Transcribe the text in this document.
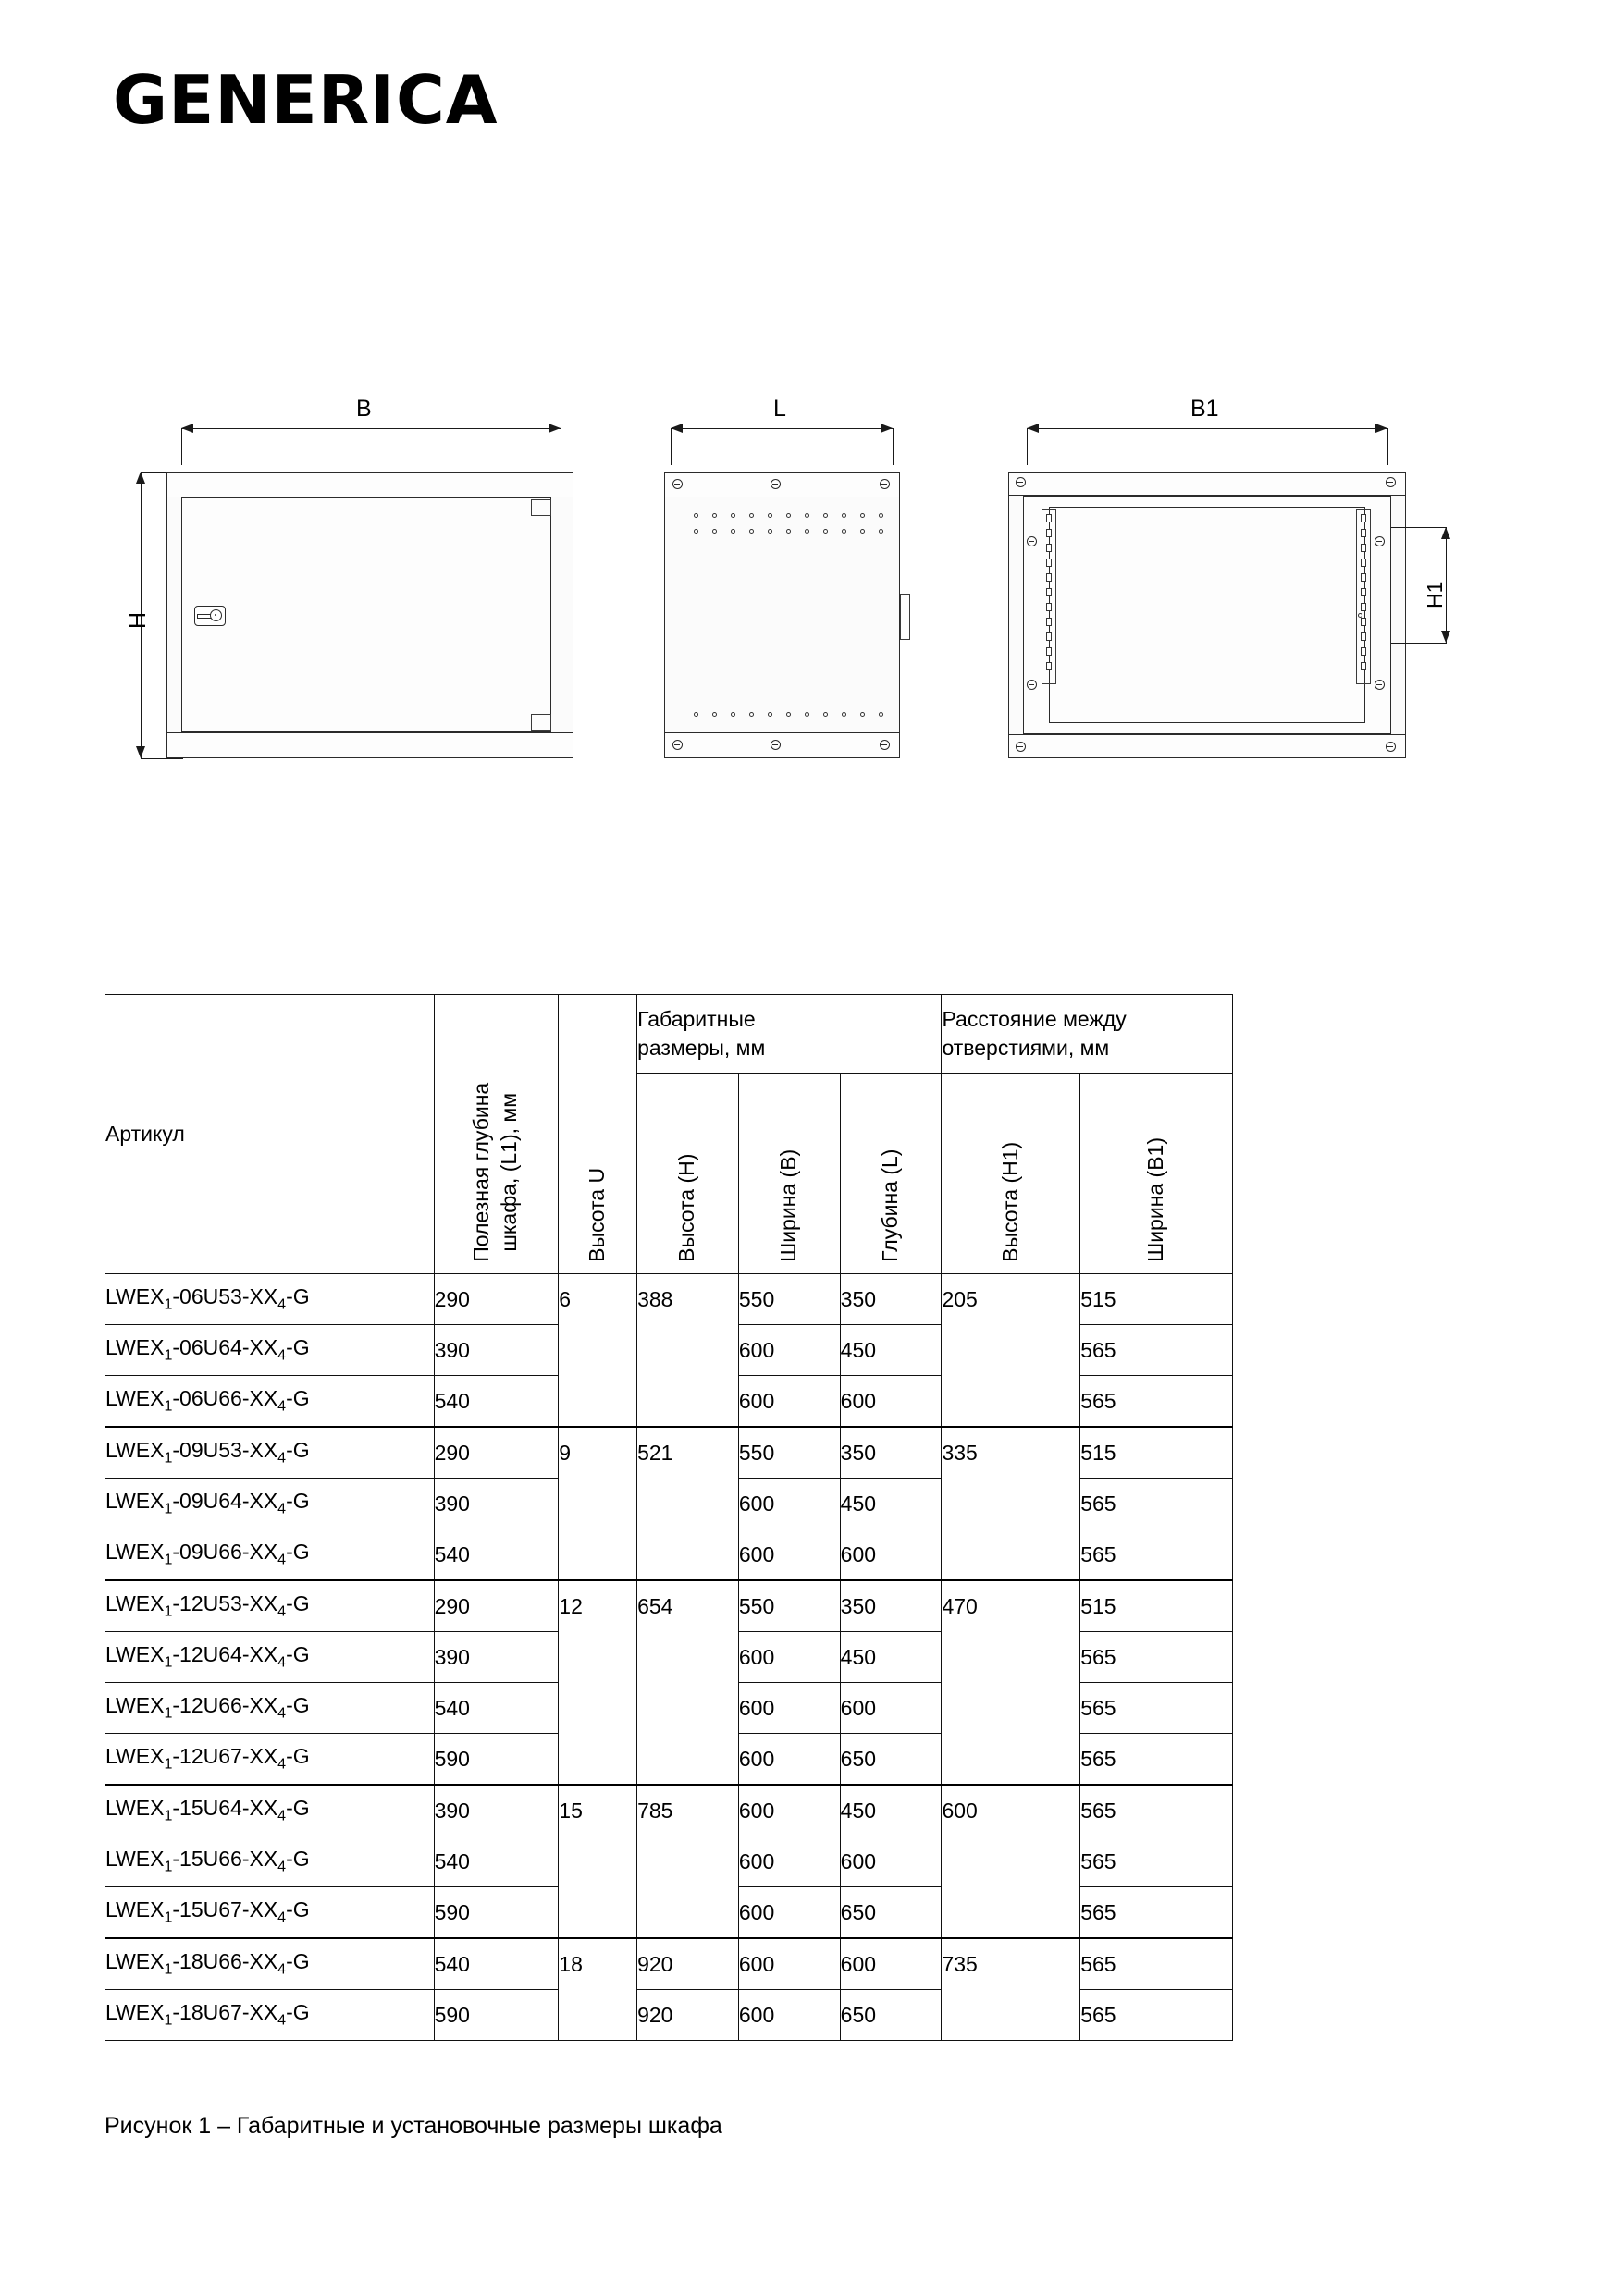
GENERICA
B
H
L	B1
H1
Артикул	Полезная глубина шкафа, (L1), мм	Высота U	Габаритные
размеры, мм			Расстояние между
отверстиями, мм	

			Высота (H)	Ширина (B)	Глубина (L)	Высота (H1)	Ширина (B1)

$LWEX_1-06U53-XX_4-G$	290	6	388	550	350	205	515
$LWEX_1-06U64-XX_4-G$	390			600	450		565
$LWEX_1-06U66-XX_4-G$	540			600	600		565
$LWEX_1-09U53-XX_4-G$	290	9	521	550	350	335	515
$LWEX_1-09U64-XX_4-G$	390			600	450		565
$LWEX_1-09U66-XX_4-G$	540			600	600		565
$LWEX_1-12U53-XX_4-G$	290	12	654	550	350	470	515
$LWEX_1-12U64-XX_4-G$	390			600	450		565
$LWEX_1-12U66-XX_4-G$	540			600	600		565
$LWEX_1-12U67-XX_4-G$	590			600	650		565
$LWEX_1-15U64-XX_4-G$	390	15	785	600	450	600	565
$LWEX_1-15U66-XX_4-G$	540			600	600		565
$LWEX_1-15U67-XX_4-G$	590			600	650		565
$LWEX_1-18U66-XX_4-G$	540	18	920	600	600	735	565
$LWEX_1-18U67-XX_4-G$	590		920	600	650		565
Рисунок 1 – Габаритные и установочные размеры шкафа
